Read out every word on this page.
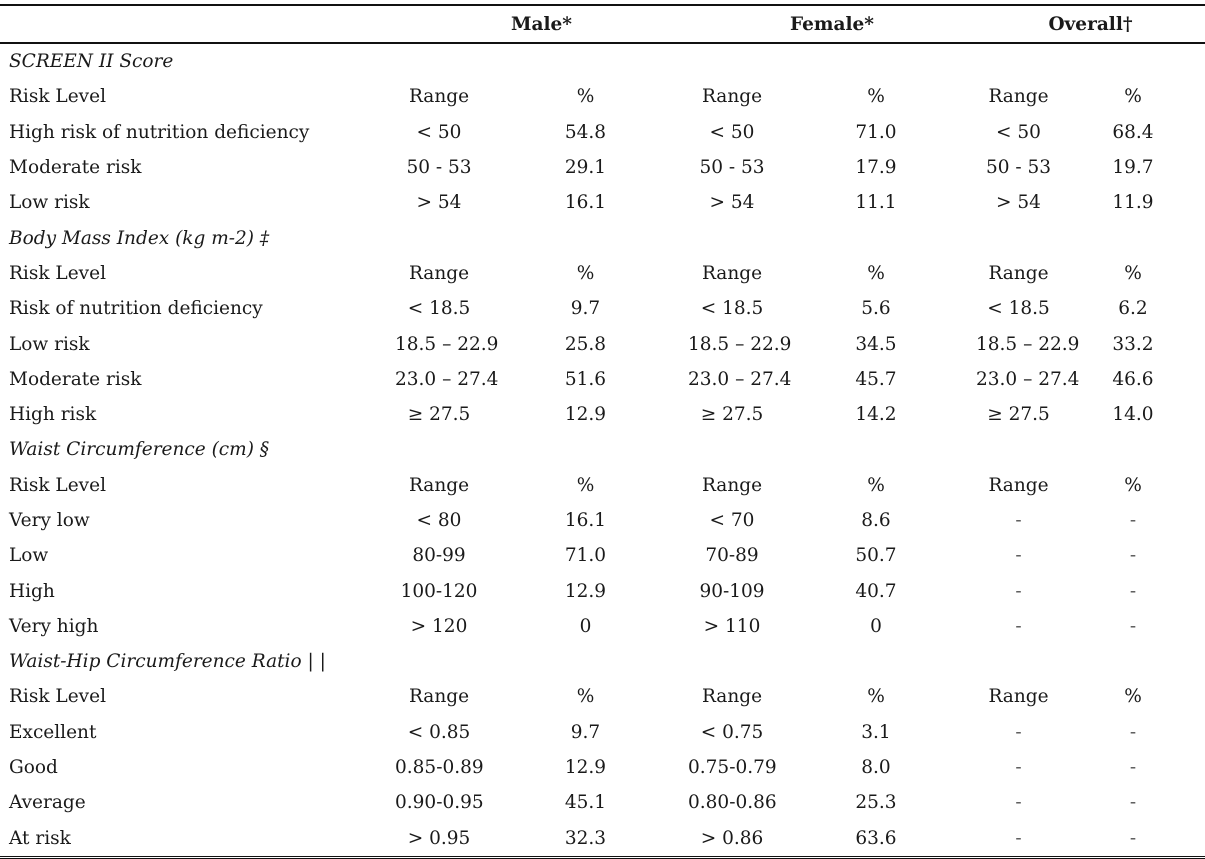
	Male*		Female*		Overall†	
SCREEN II Score						
Risk Level	Range	%	Range	%	Range	%
High risk of nutrition deficiency	< 50	54.8	< 50	71.0	< 50	68.4
Moderate risk	50 - 53	29.1	50 - 53	17.9	50 - 53	19.7
Low risk	> 54	16.1	> 54	11.1	> 54	11.9
Body Mass Index (kg m-2) ‡						
Risk Level	Range	%	Range	%	Range	%
Risk of nutrition deficiency	< 18.5	9.7	< 18.5	5.6	< 18.5	6.2
Low risk	18.5 – 22.9	25.8	18.5 – 22.9	34.5	18.5 – 22.9	33.2
Moderate risk	23.0 – 27.4	51.6	23.0 – 27.4	45.7	23.0 – 27.4	46.6
High risk	≥ 27.5	12.9	≥ 27.5	14.2	≥ 27.5	14.0
Waist Circumference (cm) §						
Risk Level	Range	%	Range	%	Range	%
Very low	< 80	16.1	< 70	8.6	-	-
Low	80-99	71.0	70-89	50.7	-	-
High	100-120	12.9	90-109	40.7	-	-
Very high	> 120	0	> 110	0	-	-
Waist-Hip Circumference Ratio | |						
Risk Level	Range	%	Range	%	Range	%
Excellent	< 0.85	9.7	< 0.75	3.1	-	-
Good	0.85-0.89	12.9	0.75-0.79	8.0	-	-
Average	0.90-0.95	45.1	0.80-0.86	25.3	-	-
At risk	> 0.95	32.3	> 0.86	63.6	-	-
